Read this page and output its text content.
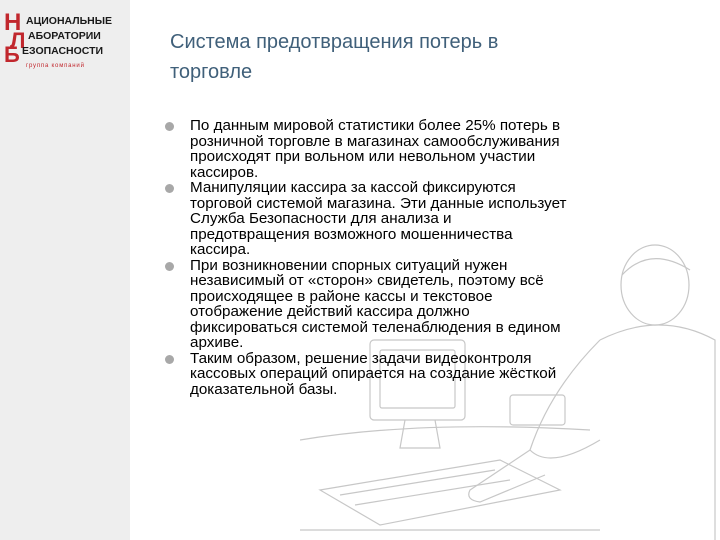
Н
Л
Б
АЦИОНАЛЬНЫЕ
АБОРАТОРИИ
ЕЗОПАСНОСТИ
группа компаний
Система предотвращения потерь в
торговле
По данным мировой статистики более 25% потерь в
розничной торговле в магазинах самообслуживания
происходят при вольном или невольном участии
кассиров.
Манипуляции кассира за кассой фиксируются
торговой системой магазина. Эти данные использует
Служба Безопасности для анализа и
предотвращения возможного мошенничества
кассира.
При возникновении спорных ситуаций нужен
независимый от «сторон» свидетель, поэтому всё
происходящее в районе кассы и текстовое
отображение действий кассира должно
фиксироваться системой теленаблюдения в едином
архиве.
Таким образом, решение задачи видеоконтроля
кассовых операций опирается на создание жёсткой
доказательной базы.
